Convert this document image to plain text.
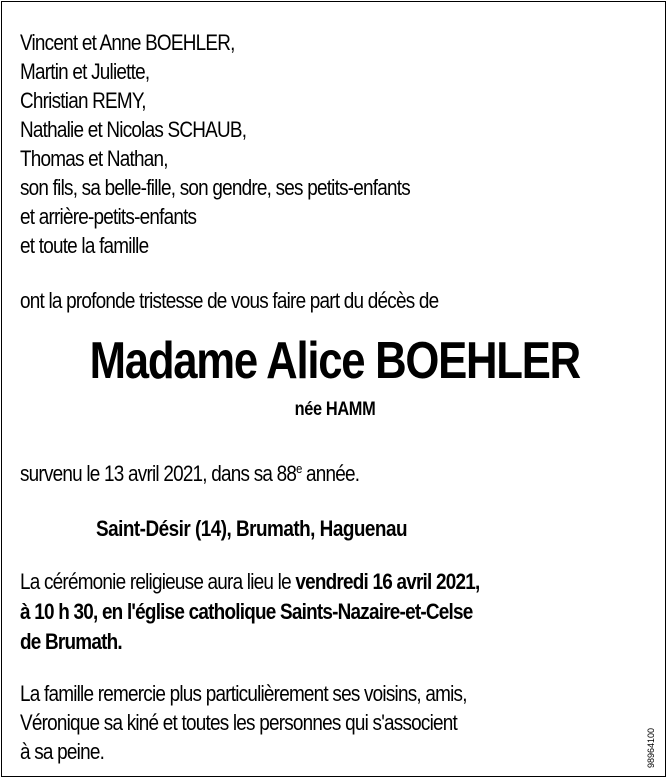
Vincent et Anne BOEHLER,
Martin et Juliette,
Christian REMY,
Nathalie et Nicolas SCHAUB,
Thomas et Nathan,
son fils, sa belle-fille, son gendre, ses petits-enfants
et arrière-petits-enfants
et toute la famille
ont la profonde tristesse de vous faire part du décès de
Madame Alice BOEHLER
née HAMM
survenu le 13 avril 2021, dans sa 88e année.
Saint-Désir (14), Brumath, Haguenau
La cérémonie religieuse aura lieu le vendredi 16 avril 2021,
à 10 h 30, en l'église catholique Saints-Nazaire-et-Celse
de Brumath.
La famille remercie plus particulièrement ses voisins, amis,
Véronique sa kiné et toutes les personnes qui s'associent
à sa peine.	98964100
